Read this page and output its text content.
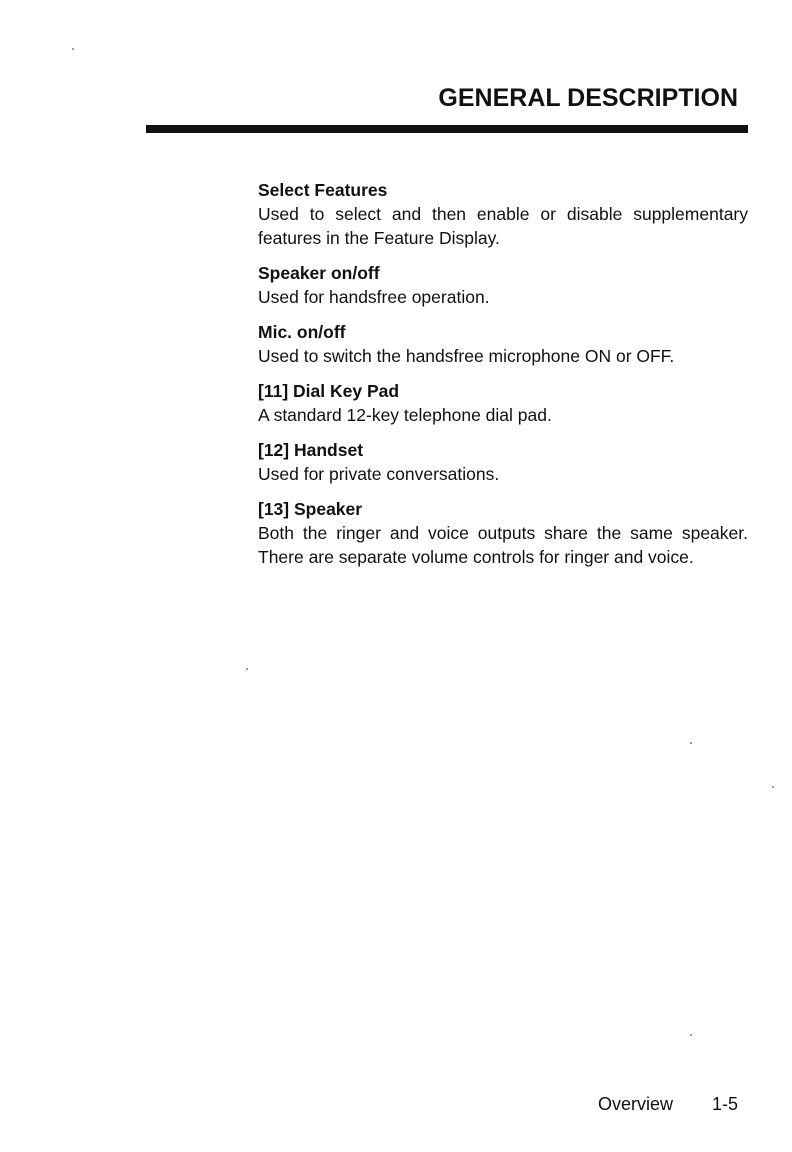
GENERAL DESCRIPTION

Select Features

Used to select and then enable or disable supplementary features in the Feature Display.

Speaker on/off

Used for handsfree operation.

Mic. on/off

Used to switch the handsfree microphone ON or OFF.

[11] Dial Key Pad

A standard 12-key telephone dial pad.

[12] Handset

Used for private conversations.

[13] Speaker

Both the ringer and voice outputs share the same speaker. There are separate volume controls for ringer and voice.

Overview 1-5
